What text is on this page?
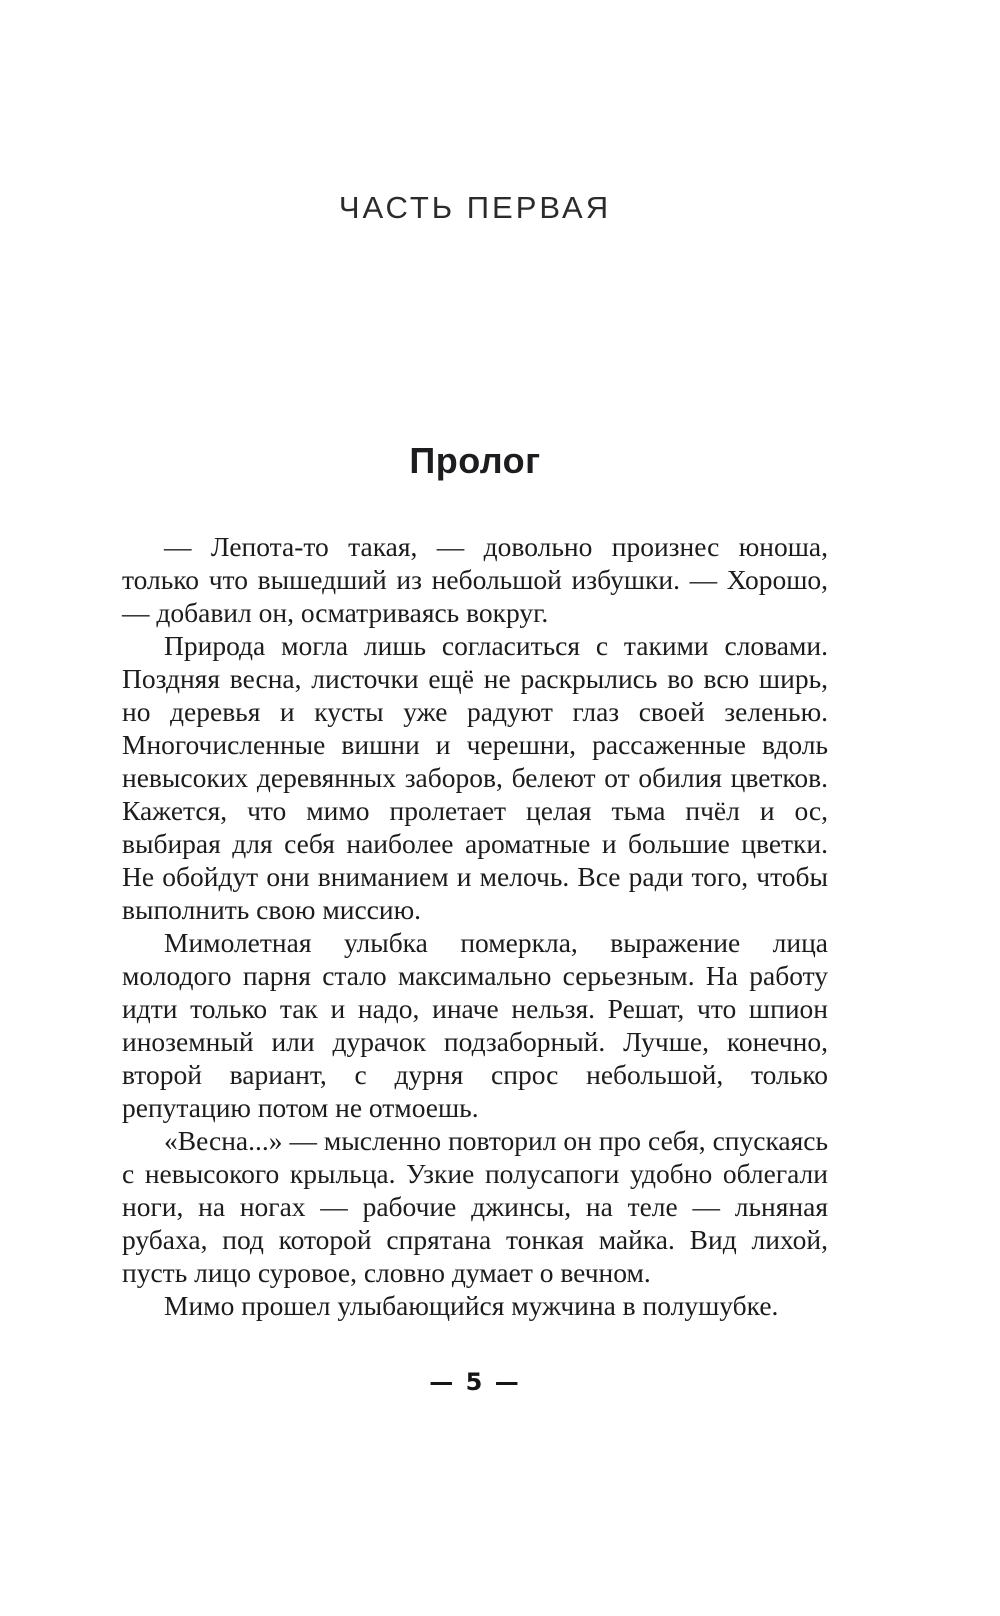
ЧАСТЬ ПЕРВАЯ
Пролог

— Лепота-то такая, — довольно произнес юноша, только что вышедший из небольшой избушки. — Хорошо, — добавил он, осматриваясь вокруг.

Природа могла лишь согласиться с такими словами. Поздняя весна, листочки ещё не раскрылись во всю ширь, но деревья и кусты уже радуют глаз своей зеленью. Многочисленные вишни и черешни, рассаженные вдоль невысоких деревянных заборов, белеют от обилия цветков. Кажется, что мимо пролетает целая тьма пчёл и ос, выбирая для себя наиболее ароматные и большие цветки. Не обойдут они вниманием и мелочь. Все ради того, чтобы выполнить свою миссию.

Мимолетная улыбка померкла, выражение лица молодого парня стало максимально серьезным. На работу идти только так и надо, иначе нельзя. Решат, что шпион иноземный или дурачок подзаборный. Лучше, конечно, второй вариант, с дурня спрос небольшой, только репутацию потом не отмоешь.

«Весна...» — мысленно повторил он про себя, спускаясь с невысокого крыльца. Узкие полусапоги удобно облегали ноги, на ногах — рабочие джинсы, на теле — льняная рубаха, под которой спрятана тонкая майка. Вид лихой, пусть лицо суровое, словно думает о вечном.

Мимо прошел улыбающийся мужчина в полушубке.

— 5 —
